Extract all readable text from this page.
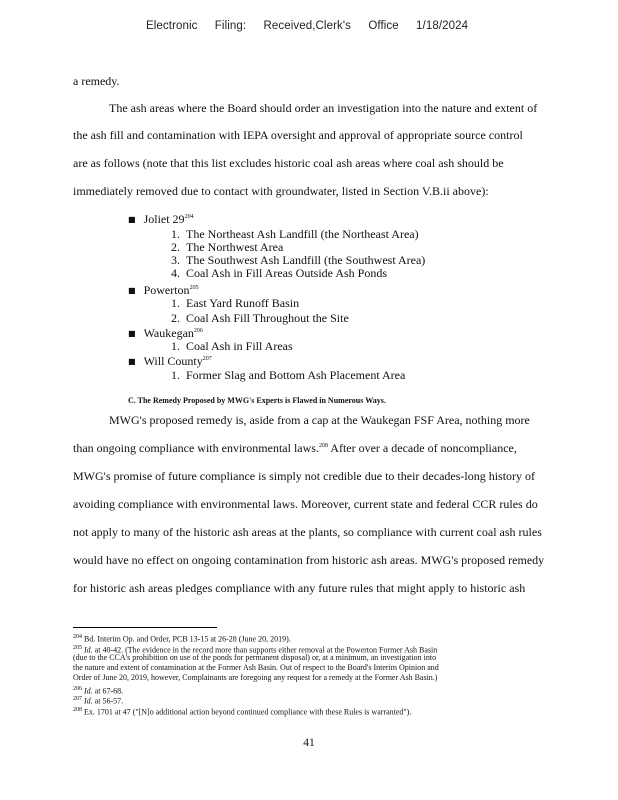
Electronic Filing: Received,Clerk's Office 1/18/2024
a remedy.
The ash areas where the Board should order an investigation into the nature and extent of
the ash fill and contamination with IEPA oversight and approval of appropriate source control
are as follows (note that this list excludes historic coal ash areas where coal ash should be
immediately removed due to contact with groundwater, listed in Section V.B.ii above):
■ Joliet $29^{204}$
1. The Northeast Ash Landfill (the Northeast Area)
2. The Northwest Area
3. The Southwest Ash Landfill (the Southwest Area)
4. Coal Ash in Fill Areas Outside Ash Ponds
■ Powerton$^{205}$
1. East Yard Runoff Basin
2. Coal Ash Fill Throughout the Site
■ Waukegan$^{206}$
1. Coal Ash in Fill Areas
■ Will County$^{207}$
1. Former Slag and Bottom Ash Placement Area
C. The Remedy Proposed by MWG's Experts is Flawed in Numerous Ways.
MWG's proposed remedy is, aside from a cap at the Waukegan FSF Area, nothing more
than ongoing compliance with environmental laws.$^{208}$ After over a decade of noncompliance,
MWG's promise of future compliance is simply not credible due to their decades-long history of
avoiding compliance with environmental laws. Moreover, current state and federal CCR rules do
not apply to many of the historic ash areas at the plants, so compliance with current coal ash rules
would have no effect on ongoing contamination from historic ash areas. MWG's proposed remedy
for historic ash areas pledges compliance with any future rules that might apply to historic ash
$^{204}$ Bd. Interim Op. and Order, PCB 13-15 at 26-28 (June 20, 2019).
$^{205}$ Id. at 40-42. (The evidence in the record more than supports either removal at the Powerton Former Ash Basin
(due to the CCA's prohibition on use of the ponds for permanent disposal) or, at a minimum, an investigation into
the nature and extent of contamination at the Former Ash Basin. Out of respect to the Board's Interim Opinion and
Order of June 20, 2019, however, Complainants are foregoing any request for a remedy at the Former Ash Basin.)
$^{206}$ Id. at 67-68.
$^{207}$ Id. at 56-57.
$^{208}$ Ex. 1701 at 47 ("[N]o additional action beyond continued compliance with these Rules is warranted").
41
